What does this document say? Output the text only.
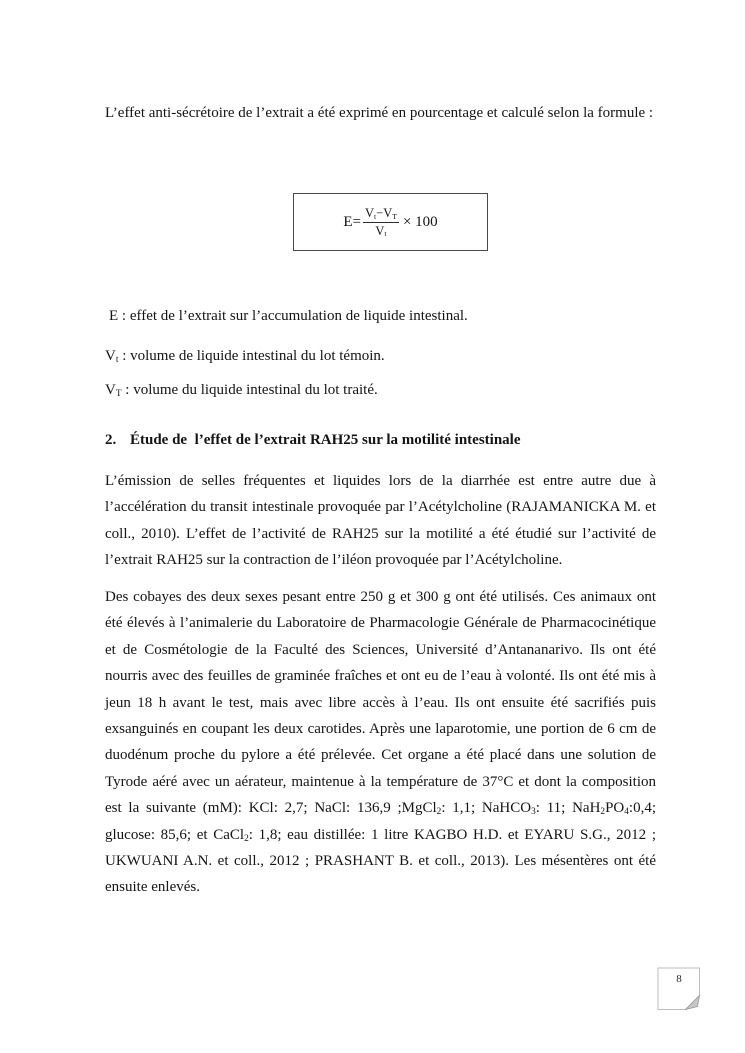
L’effet anti-sécrétoire de l’extrait a été exprimé en pourcentage et calculé selon la formule :

$E= \frac{V_t-V_T}{V_t} \times 100$

E : effet de l’extrait sur l’accumulation de liquide intestinal.

$V_t$ : volume de liquide intestinal du lot témoin.

$V_T$ : volume du liquide intestinal du lot traité.

2. Étude de  l’effet de l’extrait RAH25 sur la motilité intestinale

L’émission de selles fréquentes et liquides lors de la diarrhée est entre autre due à l’accélération du transit intestinale provoquée par l’Acétylcholine (RAJAMANICKA M. et coll., 2010). L’effet de l’activité de RAH25 sur la motilité a été étudié sur l’activité de l’extrait RAH25 sur la contraction de l’iléon provoquée par l’Acétylcholine.

Des cobayes des deux sexes pesant entre 250 g et 300 g ont été utilisés. Ces animaux ont été élevés à l’animalerie du Laboratoire de Pharmacologie Générale de Pharmacocinétique et de Cosmétologie de la Faculté des Sciences, Université d’Antananarivo. Ils ont été nourris avec des feuilles de graminée fraîches et ont eu de l’eau à volonté. Ils ont été mis à jeun 18 h avant le test, mais avec libre accès à l’eau. Ils ont ensuite été sacrifiés puis exsanguinés en coupant les deux carotides. Après une laparotomie, une portion de 6 cm de duodénum proche du pylore a été prélevée. Cet organe a été placé dans une solution de Tyrode aéré avec un aérateur, maintenue à la température de 37°C et dont la composition est la suivante (mM): KCl: 2,7; NaCl: 136,9 ;MgCl$_2$: 1,1; NaHCO$_3$: 11; $NaH_2PO_4:0,4$; glucose: 85,6; et CaCl$_2$: 1,8; eau distillée: 1 litre KAGBO H.D. et EYARU S.G., 2012 ; UKWUANI A.N. et coll., 2012 ; PRASHANT B. et coll., 2013). Les mésentères ont été ensuite enlevés.

8
